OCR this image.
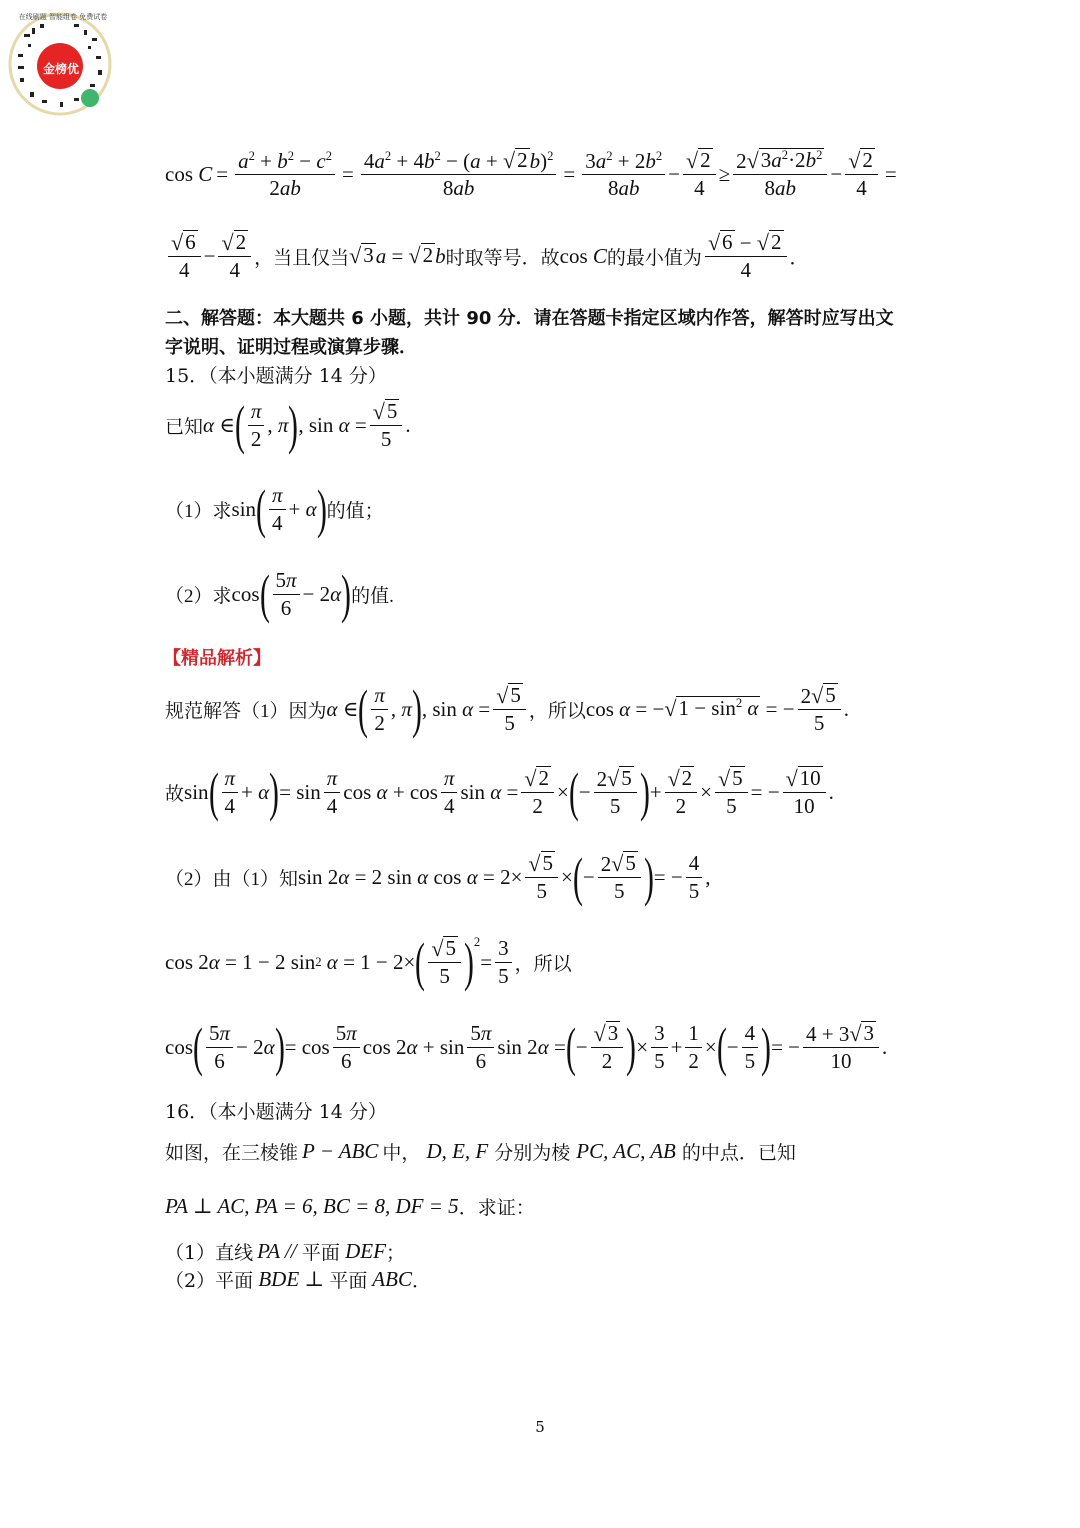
金榜优
在线刷题 智能组卷 免费试卷
cos
$C = \frac{a^2 + b^2 - c^2}{2ab} = \frac{4a^2 + 4b^2 - (a + √ 2 b)^2}{8ab} = \frac{3a^2 + 2b^2}{8ab} - \frac{√ 2}{4} \ge \frac{2 √ 3a^2\cdot 2b^2}{8ab} - \frac{√ 2}{4}$ =
$\frac{√ 6}{4} - \frac{√ 2}{4}$ ，当且仅当 √ 3 a = √ 2 b 时取等号．故 cos C 的最小值为 $\frac{√ 6 - √ 2}{4}$ ．
二、解答题：本大题共 6 小题，共计 90 分．请在答题卡指定区域内作答，解答时应写出文
字说明、证明过程或演算步骤．
15．（本小题满分 14 分）
已知 α ∈ ( $\frac{\pi}{2}$ , π ) , $\sin \alpha = \frac{√ 5}{5}$ .
（1）求 sin ( $\frac{\pi}{4} + \alpha$ ) 的值；
（2）求 cos ( $\frac{5\pi}{6} - 2$ α ) 的值.
【精品解析】
规范解答（1）因为 α ∈ ( $\frac{\pi}{2}$ , π ) , $\sin \alpha = \frac{√ 5}{5}$ ，所以 cos α = − √ $1 - \sin^2 \alpha$ = − $\frac{2 √ 5}{5}$ .
故 sin ( $\frac{\pi}{4} + \alpha$ ) = $\sin \frac{\pi}{4}$ $\cos \alpha + \cos \frac{\pi}{4}$ $\sin \alpha = \frac{√ 2}{2}$ × ( − $\frac{2 √ 5}{5}$ ) + $\frac{√ 2}{2} \times \frac{√ 5}{5}$ = − $\frac{√ 10}{10}$ .
（2）由（1）知 sin 2 α = 2 sin α $\cos \alpha = 2\times \frac{√ 5}{5}$ × ( − $\frac{2 √ 5}{5}$ ) = − $\frac{4}{5}$ ,
cos 2 α = 1 − 2 sin 2
α = 1 − 2× ( $\frac{√ 5}{5} )^2$
= $\frac{3}{5}$ ，所以
cos ( $\frac{5\pi}{6} - 2$ α ) = $\cos \frac{5\pi}{6}$ cos 2 $\alpha + \sin \frac{5\pi}{6}$ sin 2 α = ( − $\frac{√ 3}{2}$ ) × $\frac{3}{5} + \frac{1}{2}$ × ( − $\frac{4}{5}$ ) = − $\frac{4 + 3 √ 3}{10}$ .
16．（本小题满分 14 分）
如图，在三棱锥 P − ABC 中， D, E, F 分别为棱 PC, AC, AB 的中点．已知
PA ⊥ AC, PA = 6, BC = 8, DF = 5 ．求证：
（1）直线 PA // 平面 DEF ；
（2）平面 BDE ⊥ 平面 ABC ．
5
